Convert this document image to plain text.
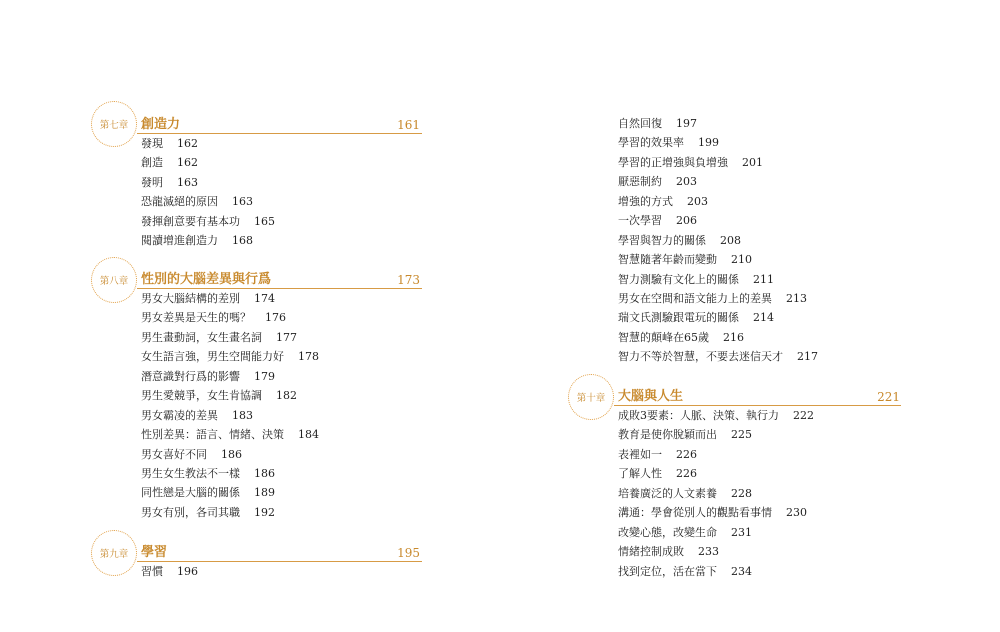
第七章 創造力	161
發現 162
創造 162
發明 163
恐龍滅絕的原因 163
發揮創意要有基本功 165
閱讀增進創造力 168
第八章 性別的大腦差異與行爲	173
男女大腦結構的差別 174
男女差異是天生的嗎？ 176
男生畫動詞，女生畫名詞 177
女生語言強，男生空間能力好 178
潛意識對行爲的影響 179
男生愛競爭，女生肯協調 182
男女霸凌的差異 183
性別差異：語言、情緒、決策 184
男女喜好不同 186
男生女生教法不一樣 186
同性戀是大腦的關係 189
男女有別，各司其職 192
第九章 學習	195
習慣 196
自然回復 197
學習的效果率 199
學習的正增強與負增強 201
厭惡制約 203
增強的方式 203
一次學習 206
學習與智力的關係 208
智慧隨著年齡而變動 210
智力測驗有文化上的關係 211
男女在空間和語文能力上的差異 213
瑞文氏測驗跟電玩的關係 214
智慧的顛峰在65歲 216
智力不等於智慧，不要去迷信天才 217
第十章 大腦與人生	221
成敗3要素：人脈、決策、執行力 222
教育是使你脫穎而出 225
表裡如一 226
了解人性 226
培養廣泛的人文素養 228
溝通：學會從別人的觀點看事情 230
改變心態，改變生命 231
情緒控制成敗 233
找到定位，活在當下 234
